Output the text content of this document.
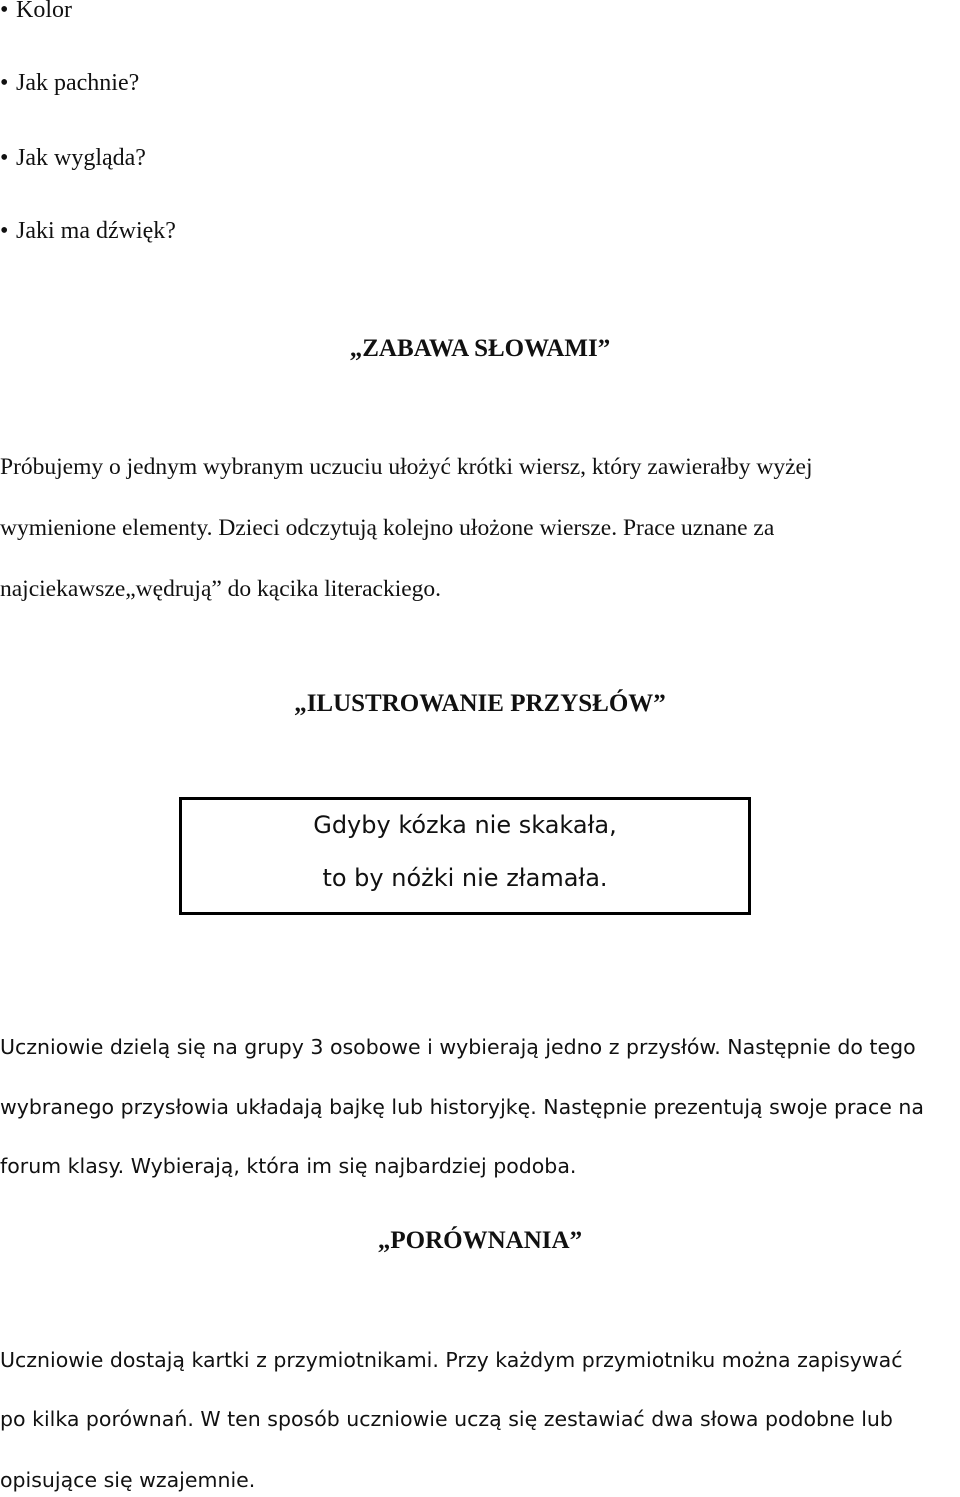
• Kolor
• Jak pachnie?
• Jak wygląda?
• Jaki ma dźwięk?
„ZABAWA SŁOWAMI”
Próbujemy o jednym wybranym uczuciu ułożyć krótki wiersz, który zawierałby wyżej
wymienione elementy. Dzieci odczytują kolejno ułożone wiersze. Prace uznane za
najciekawsze„wędrują” do kącika literackiego.
„ILUSTROWANIE PRZYSŁÓW”
Gdyby kózka nie skakała,
to by nóżki nie złamała.
Uczniowie dzielą się na grupy 3 osobowe i wybierają jedno z przysłów. Następnie do tego
wybranego przysłowia układają bajkę lub historyjkę. Następnie prezentują swoje prace na
forum klasy. Wybierają, która im się najbardziej podoba.
„PORÓWNANIA”
Uczniowie dostają kartki z przymiotnikami. Przy każdym przymiotniku można zapisywać
po kilka porównań. W ten sposób uczniowie uczą się zestawiać dwa słowa podobne lub
opisujące się wzajemnie.
